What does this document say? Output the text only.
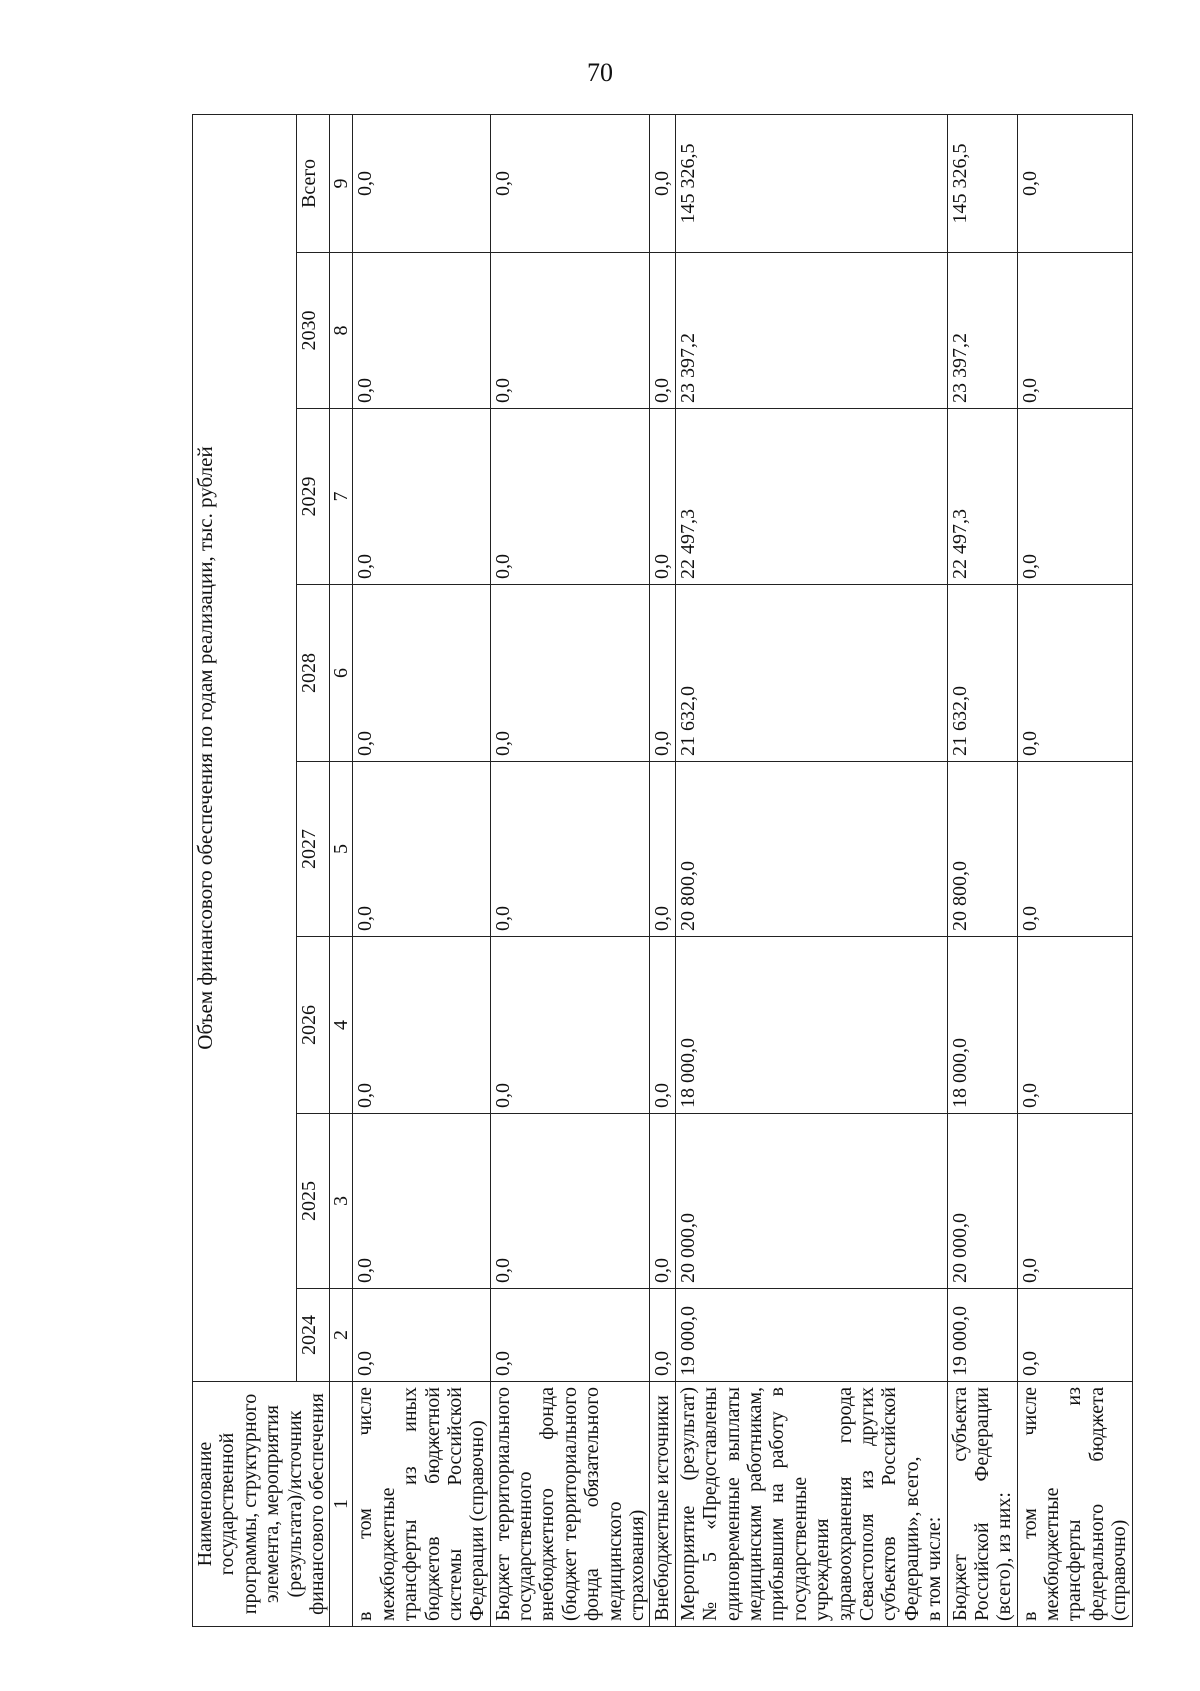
70
Наименование государственной программы, структурного элемента, мероприятия (результата)/источник финансового обеспечения	Объем финансового обеспечения по годам реализации, тыс. рублей							
	2024	2025	2026	2027	2028	2029	2030	Всего
1	2	3	4	5	6	7	8	9
в том числе межбюджетные трансферты из иных бюджетов бюджетной системы Российской Федерации (справочно)	0,0	0,0	0,0	0,0	0,0	0,0	0,0	0,0
Бюджет территориального государственного внебюджетного фонда (бюджет территориального фонда обязательного медицинского страхования)	0,0	0,0	0,0	0,0	0,0	0,0	0,0	0,0
Внебюджетные источники	0,0	0,0	0,0	0,0	0,0	0,0	0,0	0,0

Мероприятие (результат) № 5 «Предоставлены единовременные выплаты медицинским работникам, прибывшим на работу в государственные учреждения здравоохранения города Севастополя из других субъектов Российской Федерации», всего, в том числе:	19 000,0	20 000,0	18 000,0	20 800,0	21 632,0	22 497,3	23 397,2	145 326,5
Бюджет субъекта Российской Федерации (всего), из них:	19 000,0	20 000,0	18 000,0	20 800,0	21 632,0	22 497,3	23 397,2	145 326,5
в том числе межбюджетные трансферты из федерального бюджета (справочно)	0,0	0,0	0,0	0,0	0,0	0,0	0,0	0,0
